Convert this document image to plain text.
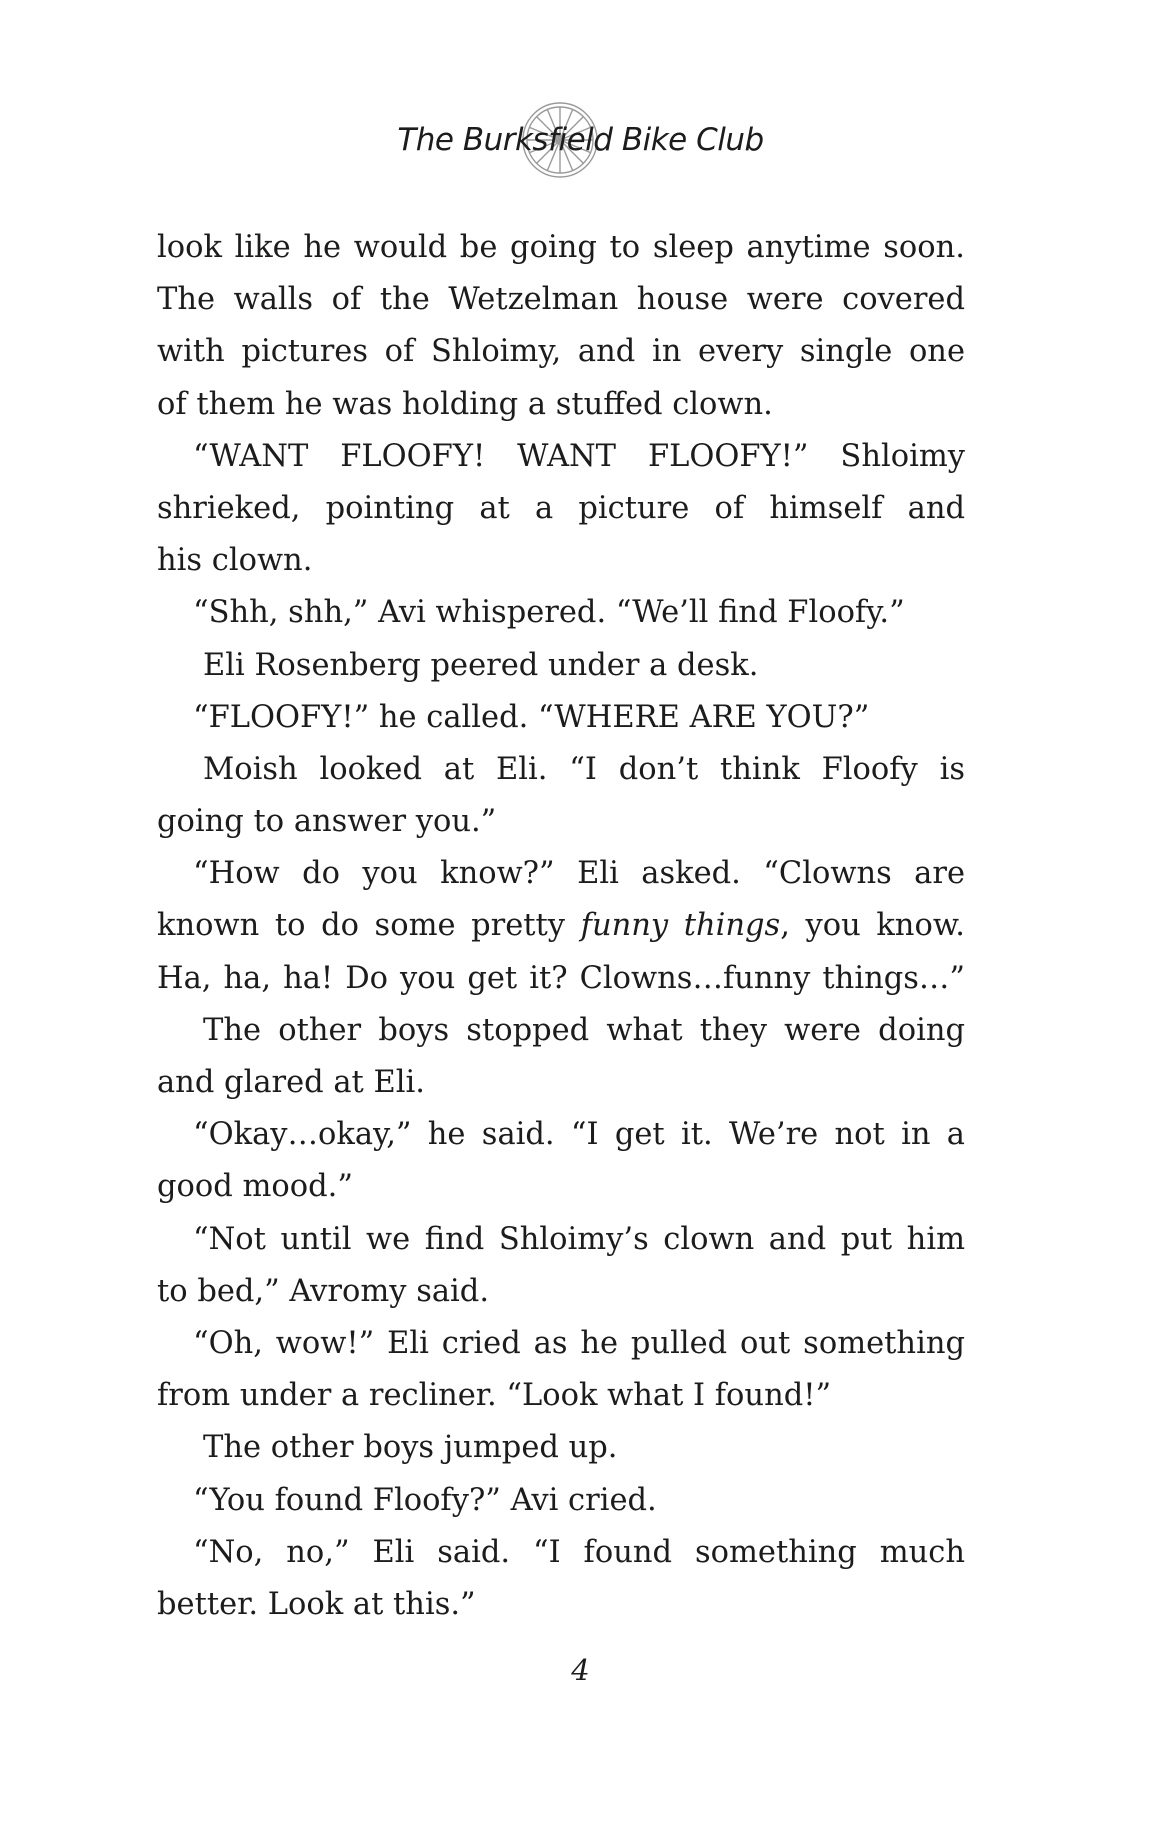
The Burksfield Bike Club
look like he would be going to sleep anytime soon.
The walls of the Wetzelman house were covered
with pictures of Shloimy, and in every single one
of them he was holding a stuffed clown.
“WANT FLOOFY! WANT FLOOFY!” Shloimy
shrieked, pointing at a picture of himself and
his clown.
“Shh, shh,” Avi whispered. “We’ll find Floofy.”
Eli Rosenberg peered under a desk.
“FLOOFY!” he called. “WHERE ARE YOU?”
Moish looked at Eli. “I don’t think Floofy is
going to answer you.”
“How do you know?” Eli asked. “Clowns are
known to do some pretty funny things, you know.
Ha, ha, ha! Do you get it? Clowns…funny things…”
The other boys stopped what they were doing
and glared at Eli.
“Okay…okay,” he said. “I get it. We’re not in a
good mood.”
“Not until we find Shloimy’s clown and put him
to bed,” Avromy said.
“Oh, wow!” Eli cried as he pulled out something
from under a recliner. “Look what I found!”
The other boys jumped up.
“You found Floofy?” Avi cried.
“No, no,” Eli said. “I found something much
better. Look at this.”
4
